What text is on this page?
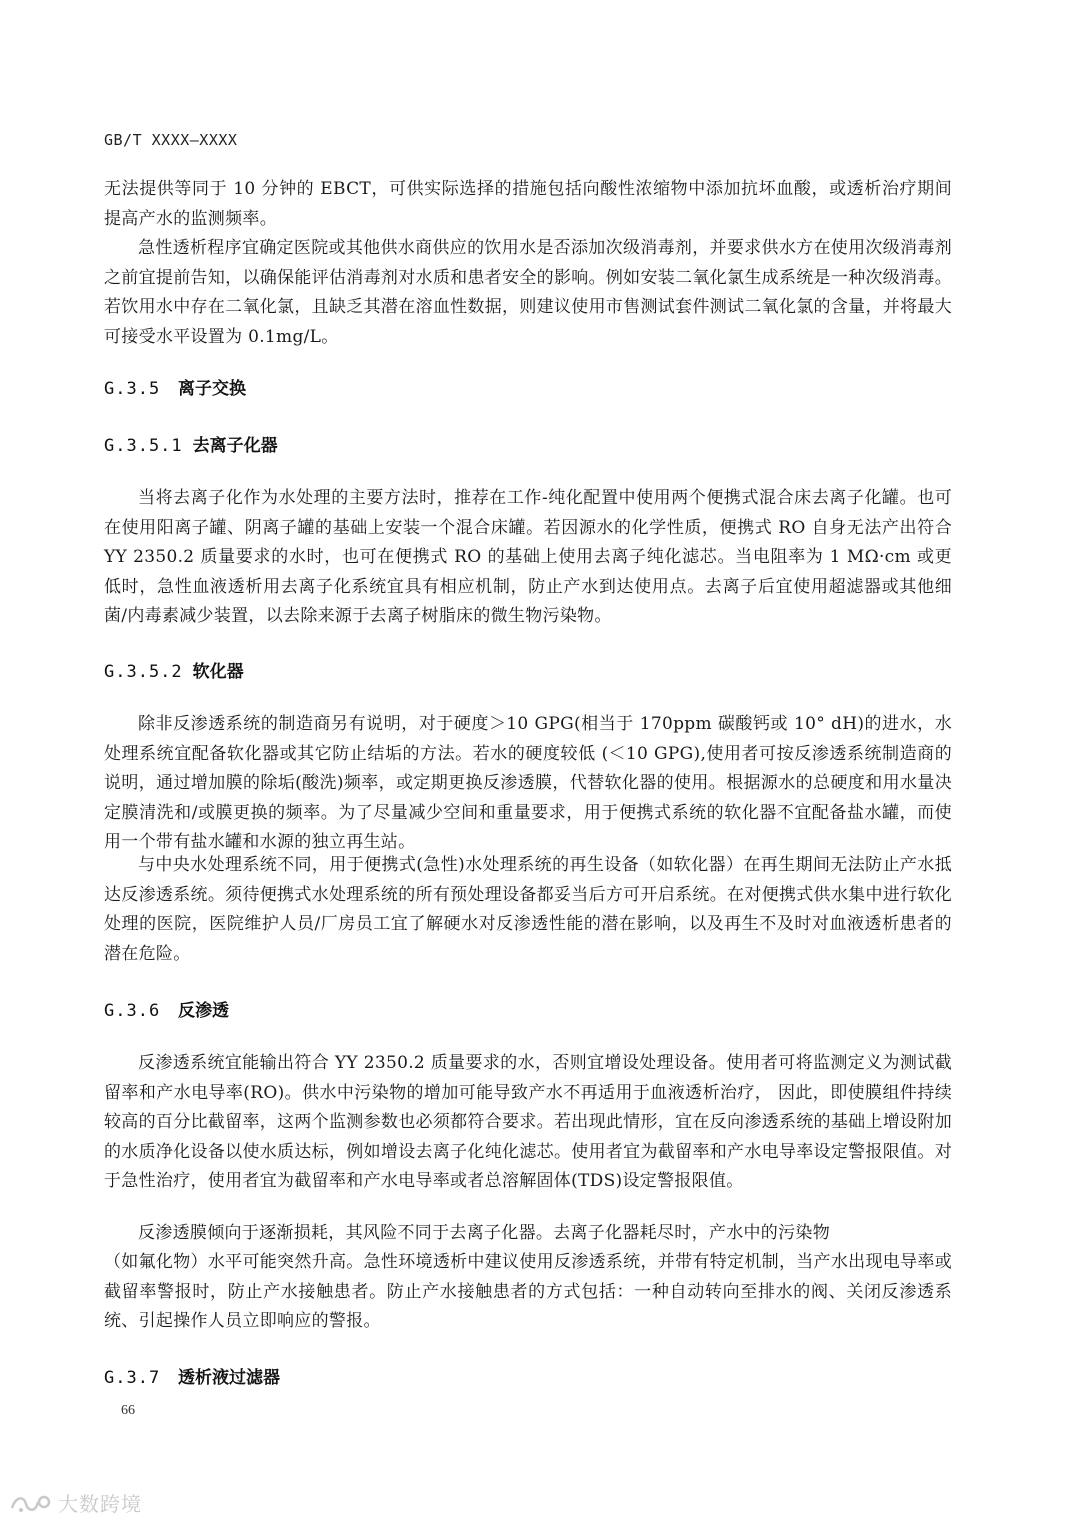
GB/T XXXX—XXXX

无法提供等同于 10 分钟的 EBCT，可供实际选择的措施包括向酸性浓缩物中添加抗坏血酸，或透析治疗期间提高产水的监测频率。

急性透析程序宜确定医院或其他供水商供应的饮用水是否添加次级消毒剂，并要求供水方在使用次级消毒剂之前宜提前告知，以确保能评估消毒剂对水质和患者安全的影响。例如安装二氧化氯生成系统是一种次级消毒。若饮用水中存在二氧化氯，且缺乏其潜在溶血性数据，则建议使用市售测试套件测试二氧化氯的含量，并将最大可接受水平设置为 0.1mg/L。

G.3.5 离子交换
G.3.5.1 去离子化器

当将去离子化作为水处理的主要方法时，推荐在工作-纯化配置中使用两个便携式混合床去离子化罐。也可在使用阳离子罐、阴离子罐的基础上安装一个混合床罐。若因源水的化学性质，便携式 RO 自身无法产出符合 YY 2350.2 质量要求的水时，也可在便携式 RO 的基础上使用去离子纯化滤芯。当电阻率为 1 MΩ·cm 或更低时，急性血液透析用去离子化系统宜具有相应机制，防止产水到达使用点。去离子后宜使用超滤器或其他细菌/内毒素减少装置，以去除来源于去离子树脂床的微生物污染物。

G.3.5.2 软化器

除非反渗透系统的制造商另有说明，对于硬度＞10 GPG(相当于 170ppm 碳酸钙或 10° dH)的进水，水处理系统宜配备软化器或其它防止结垢的方法。若水的硬度较低 (＜10 GPG),使用者可按反渗透系统制造商的说明，通过增加膜的除垢(酸洗)频率，或定期更换反渗透膜，代替软化器的使用。根据源水的总硬度和用水量决定膜清洗和/或膜更换的频率。为了尽量减少空间和重量要求，用于便携式系统的软化器不宜配备盐水罐，而使用一个带有盐水罐和水源的独立再生站。

与中央水处理系统不同，用于便携式(急性)水处理系统的再生设备（如软化器）在再生期间无法防止产水抵达反渗透系统。须待便携式水处理系统的所有预处理设备都妥当后方可开启系统。在对便携式供水集中进行软化处理的医院，医院维护人员/厂房员工宜了解硬水对反渗透性能的潜在影响，以及再生不及时对血液透析患者的潜在危险。

G.3.6 反渗透

反渗透系统宜能输出符合 YY 2350.2 质量要求的水，否则宜增设处理设备。使用者可将监测定义为测试截留率和产水电导率(RO)。供水中污染物的增加可能导致产水不再适用于血液透析治疗， 因此，即使膜组件持续较高的百分比截留率，这两个监测参数也必须都符合要求。若出现此情形，宜在反向渗透系统的基础上增设附加的水质净化设备以使水质达标，例如增设去离子化纯化滤芯。使用者宜为截留率和产水电导率设定警报限值。对于急性治疗，使用者宜为截留率和产水电导率或者总溶解固体(TDS)设定警报限值。

反渗透膜倾向于逐渐损耗，其风险不同于去离子化器。去离子化器耗尽时，产水中的污染物

（如氟化物）水平可能突然升高。急性环境透析中建议使用反渗透系统，并带有特定机制，当产水出现电导率或截留率警报时，防止产水接触患者。防止产水接触患者的方式包括：一种自动转向至排水的阀、关闭反渗透系统、引起操作人员立即响应的警报。

G.3.7 透析液过滤器
66
大数跨境
